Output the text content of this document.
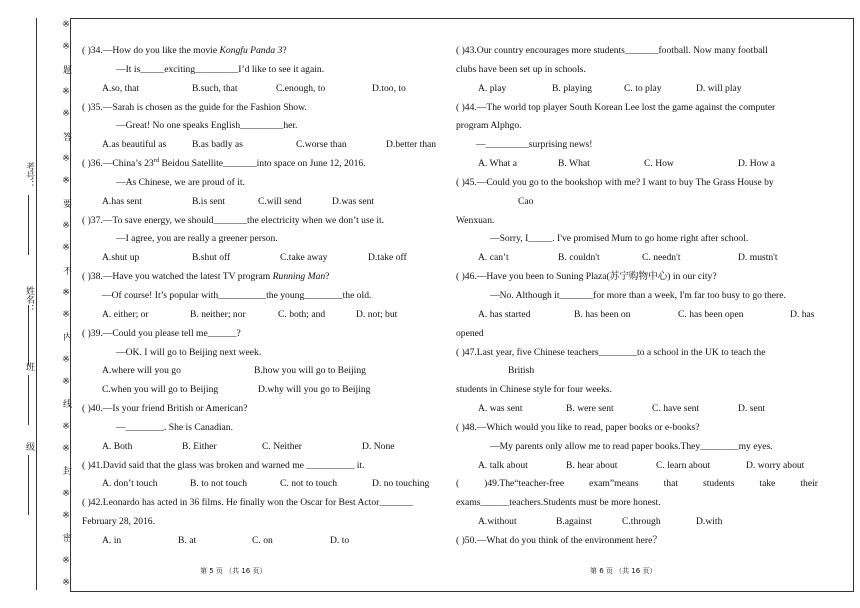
※
※
题
※
※
答
※
※
要
※
※
不
※
※
内
※
※
线
※
※
封
※
※
密
※
※
考号：
姓名：
班
级
( )34.—How do you like the movie Kongfu Panda 3?
—It is_____exciting_________I’d like to see it again.
A.so, that	B.such, that	C.enough, to	D.too, to
( )35.—Sarah is chosen as the guide for the Fashion Show.
—Great! No one speaks English_________her.
A.as beautiful as	B.as badly as	C.worse than	D.better than
( )36.—China’s 23rd Beidou Satellite_______into space on June 12, 2016.
—As Chinese, we are proud of it.
A.has sent	B.is sent	C.will send	D.was sent
( )37.—To save energy, we should_______the electricity when we don’t use it.
—I agree, you are really a greener person.
A.shut up	B.shut off	C.take away	D.take off
( )38.—Have you watched the latest TV program Running Man?
—Of course! It’s popular with__________the young________the old.
A. either; or	B. neither; nor	C. both; and	D. not; but
( )39.—Could you please tell me______?
—OK. I will go to Beijing next week.
A.where will you go	B.how you will go to Beijing
C.when you will go to Beijing	D.why will you go to Beijing
( )40.—Is your friend British or American?
—________. She is Canadian.
A. Both	B. Either	C. Neither	D. None
( )41.David said that the glass was broken and warned me __________ it.
A. don’t touch	B. to not touch	C. not to touch	D. no touching
( )42.Leonardo has acted in 36 films. He finally won the Oscar for Best Actor_______
February 28, 2016.
A. in	B. at	C. on	D. to
( )43.Our country encourages more students_______football. Now many football
clubs have been set up in schools.
A. play	B. playing	C. to play	D. will play
( )44.—The world top player South Korean Lee lost the game against the computer
program Alphgo.
—_________surprising news!
A. What a	B. What	C. How	D. How a
( )45.—Could you go to the bookshop with me? I want to buy The Grass House by
Cao
Wenxuan.
—Sorry, I_____. I've promised Mum to go home right after school.
A. can’t	B. couldn't	C. needn't	D. mustn't
( )46.—Have you been to Suning Plaza(苏宁购物中心) in our city?
—No. Although it_______for more than a week, I'm far too busy to go there.
A. has started	B. has been on	C. has been open	D. has
opened
( )47.Last year, five Chinese teachers________to a school in the UK to teach the
British
students in Chinese style for four weeks.
A. was sent	B. were sent	C. have sent	D. sent
( )48.—Which would you like to read, paper books or e-books?
—My parents only allow me to read paper books.They________my eyes.
A. talk about	B. hear about	C. learn about	D. worry about
(	)49.The“teacher-free	exam”means	that	students	take	their
exams______teachers.Students must be more honest.
A.without	B.against	C.through	D.with
( )50.—What do you think of the environment here？
第 5 页 （共 16 页）	第 6 页 （共 16 页）
